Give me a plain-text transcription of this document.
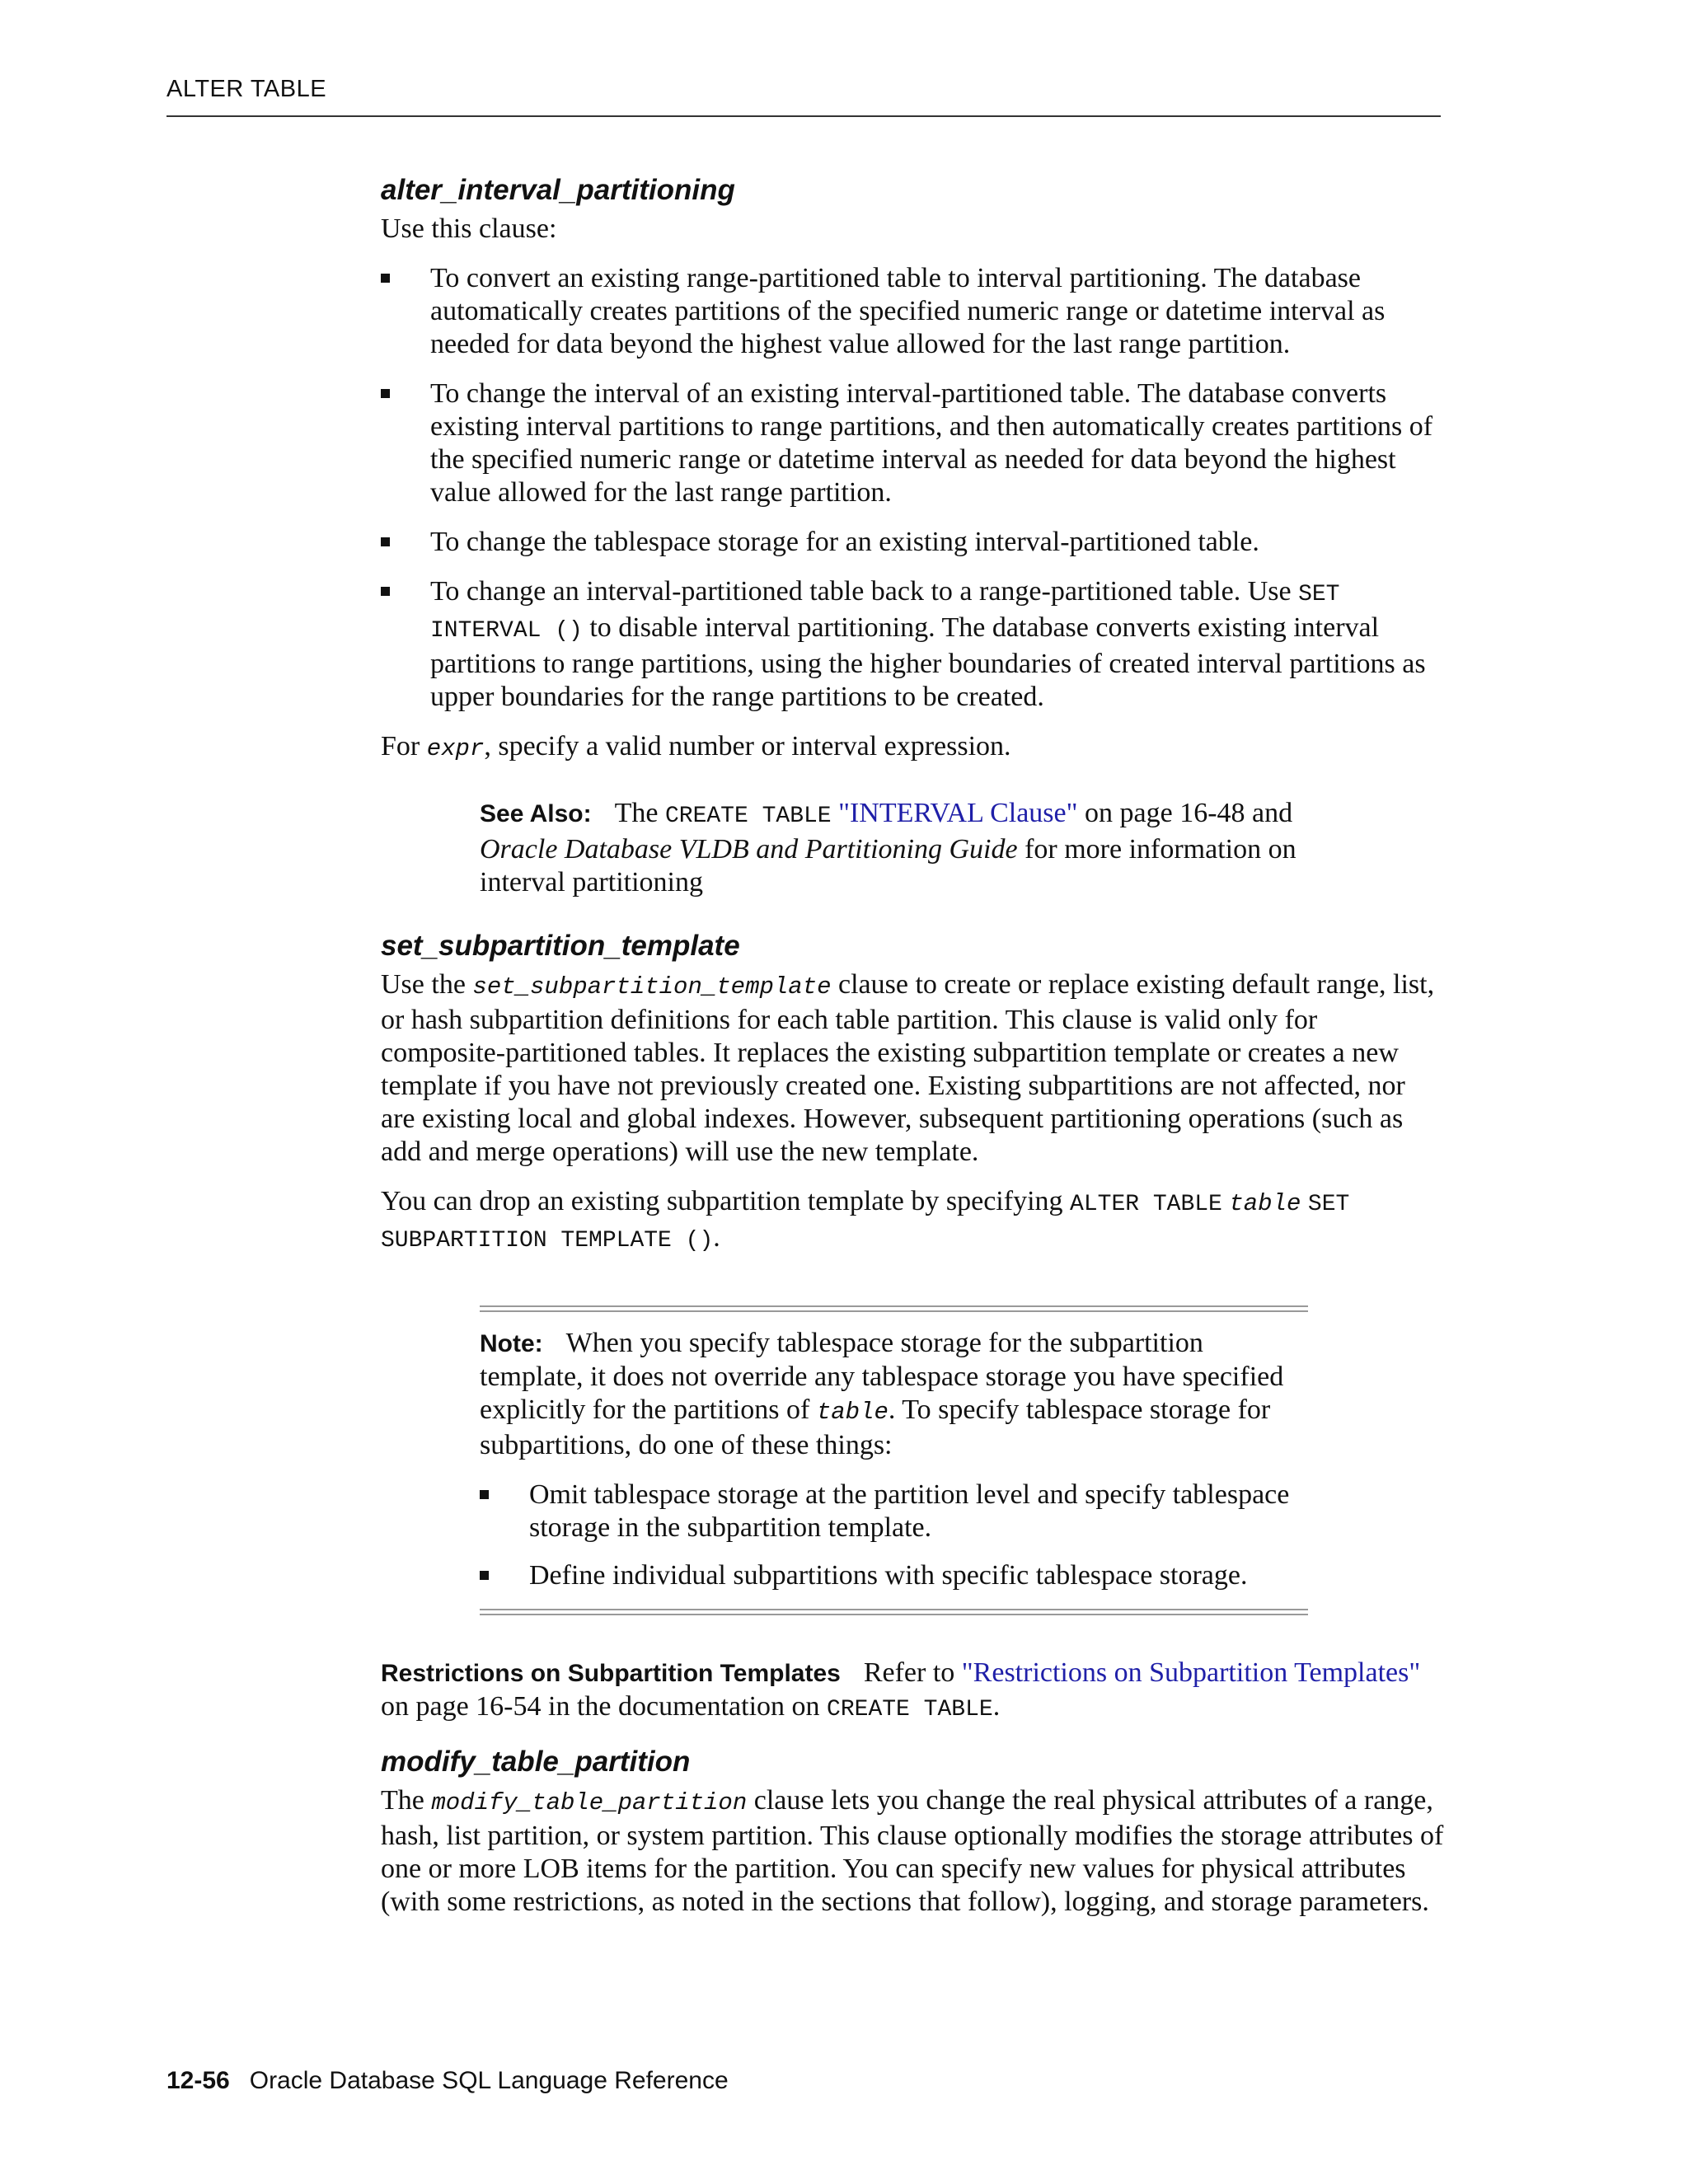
ALTER TABLE
alter_interval_partitioning

Use this clause:

To convert an existing range-partitioned table to interval partitioning. The database automatically creates partitions of the specified numeric range or datetime interval as needed for data beyond the highest value allowed for the last range partition.
To change the interval of an existing interval-partitioned table. The database converts existing interval partitions to range partitions, and then automatically creates partitions of the specified numeric range or datetime interval as needed for data beyond the highest value allowed for the last range partition.
To change the tablespace storage for an existing interval-partitioned table.
To change an interval-partitioned table back to a range-partitioned table. Use SET INTERVAL () to disable interval partitioning. The database converts existing interval partitions to range partitions, using the higher boundaries of created interval partitions as upper boundaries for the range partitions to be created.

For expr, specify a valid number or interval expression.

See Also: The CREATE TABLE "INTERVAL Clause" on page 16-48 and Oracle Database VLDB and Partitioning Guide for more information on interval partitioning

set_subpartition_template

Use the set_subpartition_template clause to create or replace existing default range, list, or hash subpartition definitions for each table partition. This clause is valid only for composite-partitioned tables. It replaces the existing subpartition template or creates a new template if you have not previously created one. Existing subpartitions are not affected, nor are existing local and global indexes. However, subsequent partitioning operations (such as add and merge operations) will use the new template.

You can drop an existing subpartition template by specifying ALTER TABLE table SET SUBPARTITION TEMPLATE ().

Note: When you specify tablespace storage for the subpartition template, it does not override any tablespace storage you have specified explicitly for the partitions of table. To specify tablespace storage for subpartitions, do one of these things:

Omit tablespace storage at the partition level and specify tablespace storage in the subpartition template.
Define individual subpartitions with specific tablespace storage.

Restrictions on Subpartition Templates Refer to "Restrictions on Subpartition Templates" on page 16-54 in the documentation on CREATE TABLE.

modify_table_partition

The modify_table_partition clause lets you change the real physical attributes of a range, hash, list partition, or system partition. This clause optionally modifies the storage attributes of one or more LOB items for the partition. You can specify new values for physical attributes (with some restrictions, as noted in the sections that follow), logging, and storage parameters.

12-56 Oracle Database SQL Language Reference
